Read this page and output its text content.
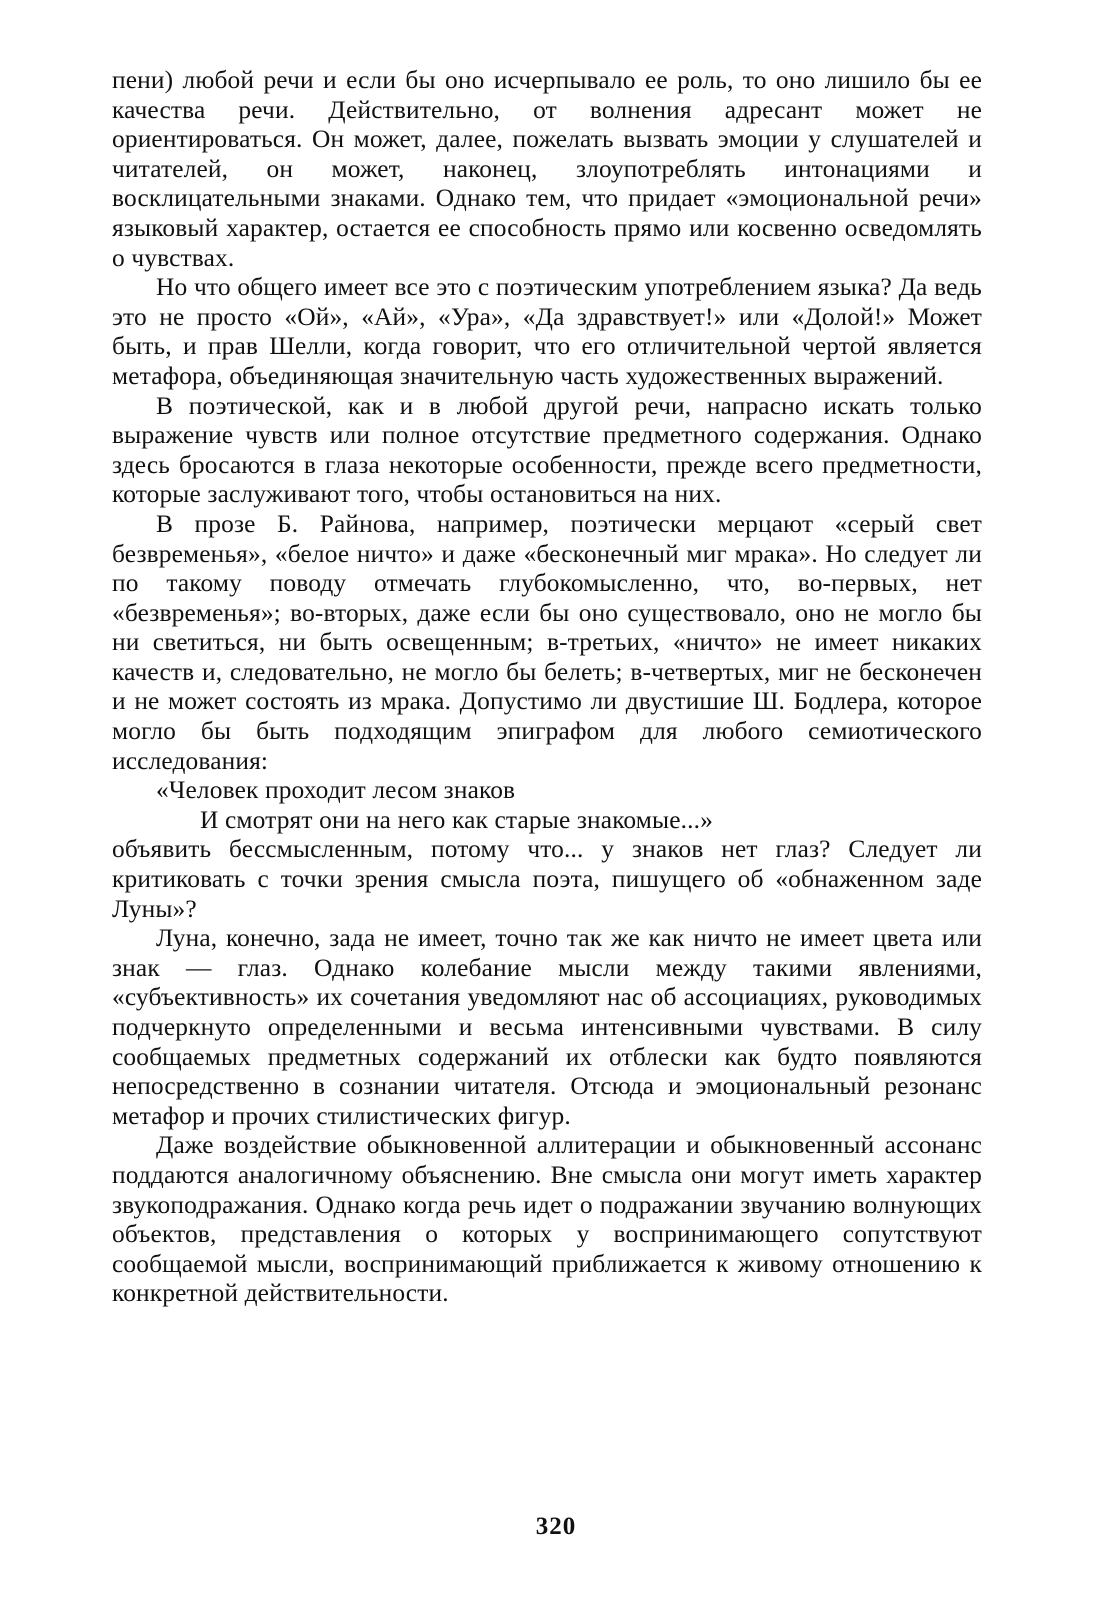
пени) любой речи и если бы оно исчерпывало ее роль, то оно лишило бы ее качества речи. Действительно, от волнения адресант может не ориентироваться. Он может, далее, пожелать вызвать эмоции у слушателей и читателей, он может, наконец, злоупотреблять интонациями и восклицательными знаками. Однако тем, что придает «эмоциональной речи» языковый характер, остается ее способность прямо или косвенно осведомлять о чувствах.

Но что общего имеет все это с поэтическим употреблением языка? Да ведь это не просто «Ой», «Ай», «Ура», «Да здравствует!» или «Долой!» Может быть, и прав Шелли, когда говорит, что его отличительной чертой является метафора, объединяющая значительную часть художественных выражений.

В поэтической, как и в любой другой речи, напрасно искать только выражение чувств или полное отсутствие предметного содержания. Однако здесь бросаются в глаза некоторые особенности, прежде всего предметности, которые заслуживают того, чтобы остановиться на них.

В прозе Б. Райнова, например, поэтически мерцают «серый свет безвременья», «белое ничто» и даже «бесконечный миг мрака». Но следует ли по такому поводу отмечать глубокомысленно, что, во-первых, нет «безвременья»; во-вторых, даже если бы оно существовало, оно не могло бы ни светиться, ни быть освещенным; в-третьих, «ничто» не имеет никаких качеств и, следовательно, не могло бы белеть; в-четвертых, миг не бесконечен и не может состоять из мрака. Допустимо ли двустишие Ш. Бодлера, которое могло бы быть подходящим эпиграфом для любого семиотического исследования:

«Человек проходит лесом знаков
И смотрят они на него как старые знакомые...»

объявить бессмысленным, потому что... у знаков нет глаз? Следует ли критиковать с точки зрения смысла поэта, пишущего об «обнаженном заде Луны»?

Луна, конечно, зада не имеет, точно так же как ничто не имеет цвета или знак — глаз. Однако колебание мысли между такими явлениями, «субъективность» их сочетания уведомляют нас об ассоциациях, руководимых подчеркнуто определенными и весьма интенсивными чувствами. В силу сообщаемых предметных содержаний их отблески как будто появляются непосредственно в сознании читателя. Отсюда и эмоциональный резонанс метафор и прочих стилистических фигур.

Даже воздействие обыкновенной аллитерации и обыкновенный ассонанс поддаются аналогичному объяснению. Вне смысла они могут иметь характер звукоподражания. Однако когда речь идет о подражании звучанию волнующих объектов, представления о которых у воспринимающего сопутствуют сообщаемой мысли, воспринимающий приближается к живому отношению к конкретной действительности.

320
